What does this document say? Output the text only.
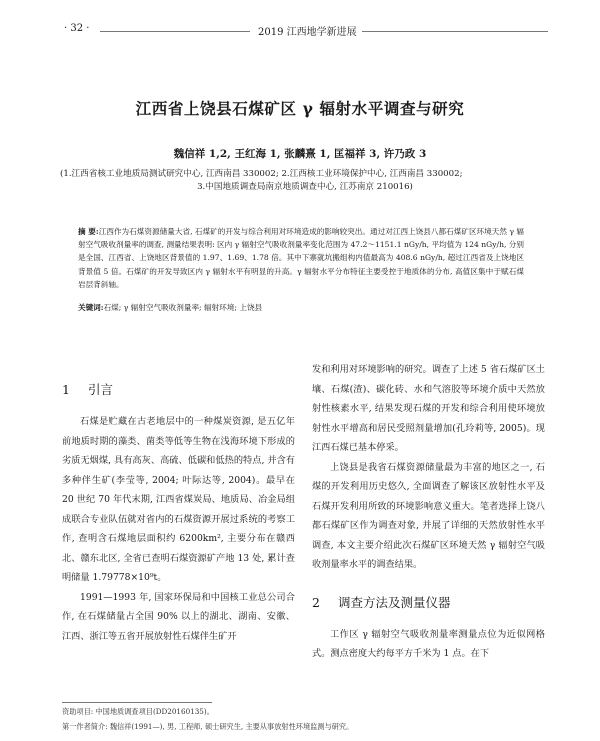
· 32 ·	2019 江西地学新进展
江西省上饶县石煤矿区 γ 辐射水平调查与研究
魏信祥 1,2, 王红海 1, 张麟熹 1, 匡福祥 3, 许乃政 3
(1.江西省核工业地质局测试研究中心, 江西南昌 330002; 2.江西核工业环境保护中心, 江西南昌 330002;
3.中国地质调查局南京地质调查中心, 江苏南京 210016)
摘 要:江西作为石煤资源储量大省, 石煤矿的开发与综合利用对环境造成的影响较突出。通过对江西上饶县八都石煤矿区环境天然 γ 辐射空气吸收剂量率的调查, 测量结果表明: 区内 γ 辐射空气吸收剂量率变化范围为 47.2～1151.1 nGy/h, 平均值为 124 nGy/h, 分别是全国、江西省、上饶地区背景值的 1.97、1.69、1.78 倍。其中下寨就坑搬组构内值最高为 408.6 nGy/h, 超过江西省及上饶地区背景值 5 倍。石煤矿的开发导致区内 γ 辐射水平有明显的升高。γ 辐射水平分布特征主要受控于地质体的分布, 高值区集中于赋石煤岩层背斜轴。
关键词:石煤; γ 辐射空气吸收剂量率; 辐射环境; 上饶县
1 引言

石煤是贮藏在古老地层中的一种煤炭资源, 是五亿年前地质时期的藻类、菌类等低等生物在浅海环境下形成的劣质无烟煤, 具有高灰、高硫、低碳和低热的特点, 并含有多种伴生矿(李莹等, 2004; 叶际达等, 2004)。最早在 20 世纪 70 年代末期, 江西省煤炭局、地质局、冶金局组成联合专业队伍就对省内的石煤资源开展过系统的考察工作, 查明含石煤地层面积约 6200km², 主要分布在赣西北、赣东北区, 全省已查明石煤资源矿产地 13 处, 累计查明储量 1.79778×10⁹t。

1991—1993 年, 国家环保局和中国核工业总公司合作, 在石煤储量占全国 90% 以上的湖北、湖南、安徽、江西、浙江等五省开展放射性石煤伴生矿开

发和利用对环境影响的研究。调查了上述 5 省石煤矿区土壤、石煤(渣)、碳化砖、水和气溶胶等环境介质中天然放射性核素水平, 结果发现石煤的开发和综合利用使环境放射性水平增高和居民受照剂量增加(孔玲莉等, 2005)。现江西石煤已基本停采。

上饶县是我省石煤资源储量最为丰富的地区之一, 石煤的开发利用历史悠久, 全面调查了解该区放射性水平及石煤开发利用所致的环境影响意义重大。笔者选择上饶八都石煤矿区作为调查对象, 并展了详细的天然放射性水平调查, 本文主要介绍此次石煤矿区环境天然 γ 辐射空气吸收剂量率水平的调查结果。

2 调查方法及测量仪器

工作区 γ 辐射空气吸收剂量率测量点位为近似网格式。测点密度大约每平方千米为 1 点。在下

资助项目: 中国地质调查项目(DD20160135)。
第一作者简介: 魏信祥(1991—), 男, 工程师, 硕士研究生, 主要从事放射性环境监测与研究。
